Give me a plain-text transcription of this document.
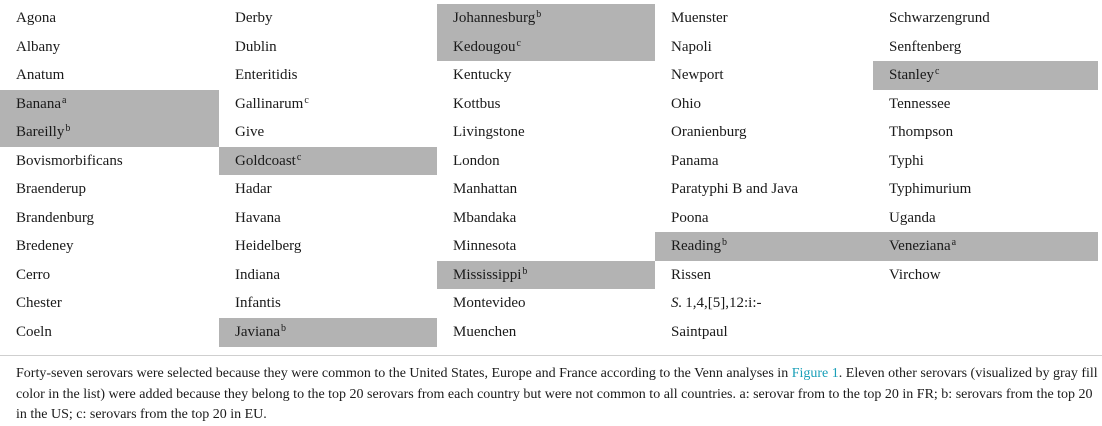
Agona
Albany
Anatum
Banana$^a$
Bareilly$^b$
Bovismorbificans
Braenderup
Brandenburg
Bredeney
Cerro
Chester
Coeln
Derby
Dublin
Enteritidis
Gallinarum$^c$
Give
Goldcoast$^c$
Hadar
Havana
Heidelberg
Indiana
Infantis
Javiana$^b$
Johannesburg$^b$
Kedougou$^c$
Kentucky
Kottbus
Livingstone
London
Manhattan
Mbandaka
Minnesota
Mississippi$^b$
Montevideo
Muenchen
Muenster
Napoli
Newport
Ohio
Oranienburg
Panama
Paratyphi B and Java
Poona
Reading$^b$
Rissen
S. 1,4,[5],12:i:-
Saintpaul
Schwarzengrund
Senftenberg
Stanley$^c$
Tennessee
Thompson
Typhi
Typhimurium
Uganda
Veneziana$^a$
Virchow

Forty-seven serovars were selected because they were common to the United States, Europe and France according to the Venn analyses in Figure 1. Eleven other serovars (visualized by gray fill color in the list) were added because they belong to the top 20 serovars from each country but were not common to all countries. a: serovar from to the top 20 in FR; b: serovars from the top 20 in the US; c: serovars from the top 20 in EU.
